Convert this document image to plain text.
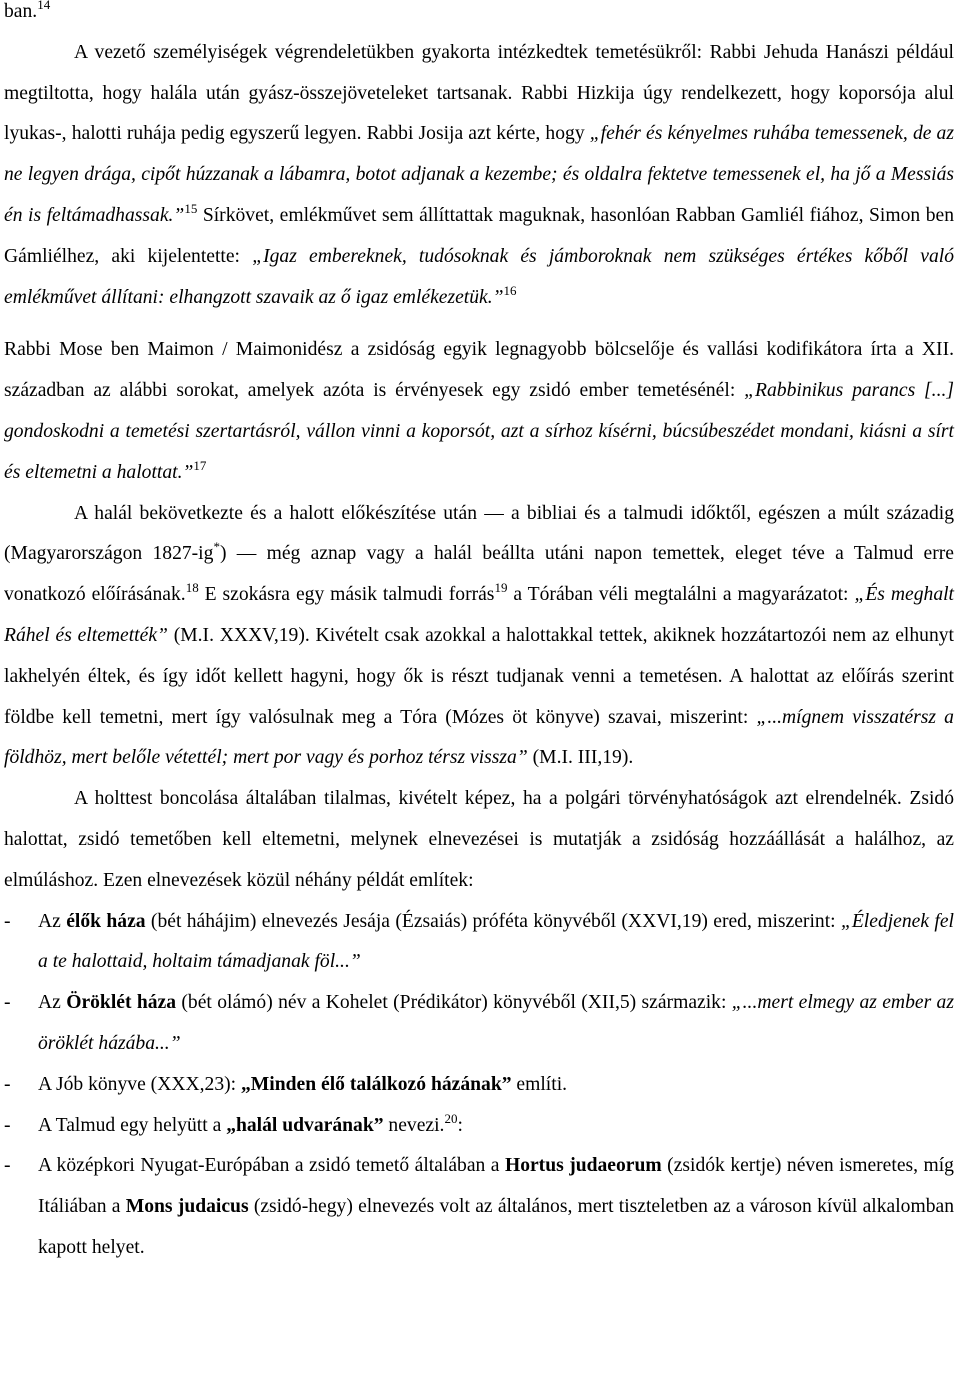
ban.$^{14}$

A vezető személyiségek végrendeletükben gyakorta intézkedtek temetésükről: Rabbi Jehuda Hanászi például megtiltotta, hogy halála után gyász-összejöveteleket tartsanak. Rabbi Hizkija úgy rendelkezett, hogy koporsója alul lyukas-, halotti ruhája pedig egyszerű legyen. Rabbi Josija azt kérte, hogy „fehér és kényelmes ruhába temessenek, de az ne legyen drága, cipőt húzzanak a lábamra, botot adjanak a kezembe; és oldalra fektetve temessenek el, ha jő a Messiás én is feltámadhassak.”$^{15}$ Sírkövet, emlékművet sem állíttattak maguknak, hasonlóan Rabban Gamliél fiához, Simon ben Gámliélhez, aki kijelentette: „Igaz embereknek, tudósoknak és jámboroknak nem szükséges értékes kőből való emlékművet állítani: elhangzott szavaik az ő igaz emlékezetük.”$^{16}$

Rabbi Mose ben Maimon / Maimonidész a zsidóság egyik legnagyobb bölcselője és vallási kodifikátora írta a XII. században az alábbi sorokat, amelyek azóta is érvényesek egy zsidó ember temetésénél: „Rabbinikus parancs [...] gondoskodni a temetési szertartásról, vállon vinni a koporsót, azt a sírhoz kísérni, búcsúbeszédet mondani, kiásni a sírt és eltemetni a halottat.”$^{17}$

A halál bekövetkezte és a halott előkészítése után — a bibliai és a talmudi időktől, egészen a múlt századig (Magyarországon 1827-ig*) — még aznap vagy a halál beállta utáni napon temettek, eleget téve a Talmud erre vonatkozó előírásának.$^{18}$ E szokásra egy másik talmudi forrás$^{19}$ a Tórában véli megtalálni a magyarázatot: „És meghalt Ráhel és eltemették” (M.I. XXXV,19). Kivételt csak azokkal a halottakkal tettek, akiknek hozzátartozói nem az elhunyt lakhelyén éltek, és így időt kellett hagyni, hogy ők is részt tudjanak venni a temetésen. A halottat az előírás szerint földbe kell temetni, mert így valósulnak meg a Tóra (Mózes öt könyve) szavai, miszerint: „...mígnem visszatérsz a földhöz, mert belőle vétettél; mert por vagy és porhoz térsz vissza” (M.I. III,19).

A holttest boncolása általában tilalmas, kivételt képez, ha a polgári törvényhatóságok azt elrendelnék. Zsidó halottat, zsidó temetőben kell eltemetni, melynek elnevezései is mutatják a zsidóság hozzáállását a halálhoz, az elmúláshoz. Ezen elnevezések közül néhány példát említek:

-	Az élők háza (bét háhájim) elnevezés Jesája (Ézsaiás) próféta könyvéből (XXVI,19) ered, miszerint: „Éledjenek fel a te halottaid, holtaim támadjanak föl...”
-	Az Öröklét háza (bét olámó) név a Kohelet (Prédikátor) könyvéből (XII,5) származik: „...mert elmegy az ember az öröklét házába...”
-	A Jób könyve (XXX,23): „Minden élő találkozó házának” említi.
-	A Talmud egy helyütt a „halál udvarának” nevezi.$^{20}$:
-	A középkori Nyugat-Európában a zsidó temető általában a Hortus judaeorum (zsidók kertje) néven ismeretes, míg Itáliában a Mons judaicus (zsidó-hegy) elnevezés volt az általános, mert tiszteletben az a városon kívül alkalomban kapott helyet.
